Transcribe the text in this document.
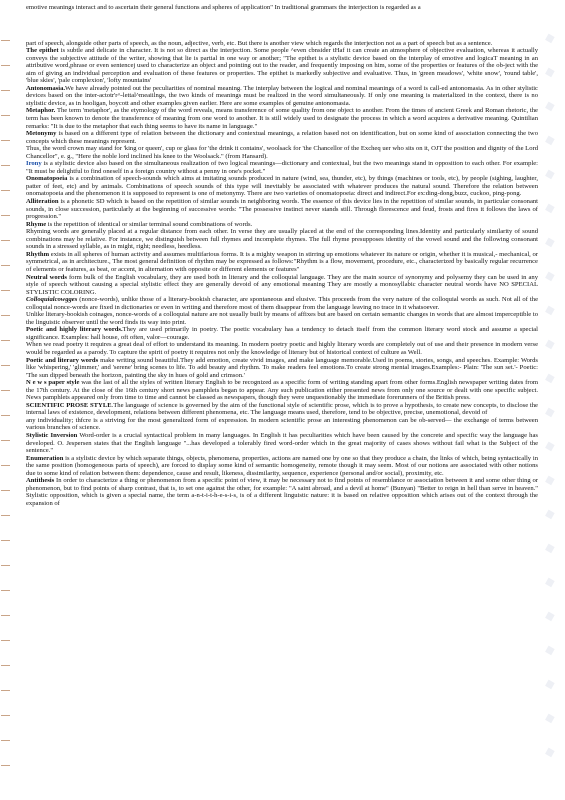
◆
◆
◆
◆
◆
◆
◆
◆
◆
◆
◆
◆
◆
◆
◆
◆
◆
◆
◆
◆
◆
◆

emotive meanings interact and to ascertain their general functions and spheres of application" In traditional grammars the interjection is regarded as a

part of speech, alongside other parts of speech, as the noun, adjective, verb, etc. But there is another view which regards the interjection not as a part of speech but as a sentence.

The epithet is subtle and delicate in character. It is not so direct as the interjection. Some people ^even cbnsider tHaf it can create an atmosphere of objective evaluation, whereas it actually conveys the subjective attitude of the writer, showing that lie is partial in one way or another; "The epithet is a stylistic device based on the interplay of emotive and logicaT meaning in an attributive word,phrase or even sentencej used to characterize an object and pointing out to the reader, and frequently imposing on him, some of the properties or features of the ob-ject with the aim of giving an individual perception and evaluation of these features or properties. The epithet is markedly subjective and evaluative. Thus, in 'green meadows', 'white snow', 'round table', 'blue skies', 'pale complexion', 'lofty mountains'

Antonomasia.We have already pointed out the peculiarities of nominal meaning. The interplay between the logical and nominal meanings of a word is call-ed antonomasia. As in other stylistic devices based on the inter-actotr'r^-lettal^meaiilngs, the two kinds of meanings must be realized in the word simultaneously. If only one meaning is materialized in the context, there is no stylistic device, as in hooligan, boycott and other examples given earlier. Here are some examples of genuine antonomasia.

Metaphor. The term 'metaphor', as the etymology of the word reveals, means transference of some quality from one object to another. From the times of ancient Greek and Roman rhetoric, the term has been known to denote the transference of meaning from one word to another. It is still widely used to designate the process in which a word acquires a derivative meaning. Quintilian remarks: "It is due to the metaphor that each thing seems to have its name in language."

Metonymy is based on a different type of relation between the dictionary and contextual meanings, a relation based not on identification, but on some kind of association connecting the two concepts which these meanings represent.

Thus, the word crown may stand for 'king or queen', cup or glass for 'the drink it contains', woolsack for 'the Chancellor of the Excheq uer who sits on it, OJT the position and dignity of the Lord Chancellor", e. g., "Here the noble lord inclined his knee to the Woolsack." (from Hansard).

Irony is a stylistic device also based on the simultaneous realization of two logical meanings—dictionary and contextual, but the two meanings stand in opposition to each other. For example: "It must be delightful to find oneself in a foreign country without a penny in one's pocket."

Onomatopoeia is a combination of speech-sounds which aims at imitating sounds produced in nature (wind, sea, thunder, etc), by things (machines or tools, etc), by people (sighing, laughter, patter of feet, etc) and by animals. Combinations of speech sounds of this type will inevitably be associated with whatever produces the natural sound. Therefore the relation between onomatopoeia and the phenomenon it is supposed to represent is one of metonymy. There are two varieties of onomatopoeia: direct and indirect.For ex:ding-dong,buzz, cuckoo, ping-pong.

Alliteration is a phonetic SD which is based on the repetition of similar sounds in neighboring words. The essence of this device lies in the repetition of similar sounds, in particular consonant sounds, in close succession, particularly at the beginning of successive words: "The possessive instinct never stands still. Through florescence and feud, frosts and fires it follows the laws of progression."

Rhyme is the repetition of identical or similar terminal sound combinations of words.

Rhyming words are generally placed at a regular distance from each other. In verse they are usually placed at the end of the corresponding lines.Identity and particularly similarity of sound combinations may be relative. For instance, we distinguish between full rhymes and incomplete rhymes. The full rhyme presupposes identity of the vowel sound and the following consonant sounds in a stressed syllable, as in might, right; needless, heedless.

Rhythm exists in all spheres of human activity and assumes multifarious forms. It is a mighty weapon in stirring up emotions whatever its nature or origin, whether it is musical,- mechanical, or symmetrical, as in architecture., The most general definition of rhythm may be expressed as follows:"Rhythm is a flow, movement, procedure, etc., characterized by basically regular recurrence of elements or features, as beat, or accent, in alternation with opposite or different elements or features"

Neutral words form bulk of the English vocabulary, they are used both in literary and the colloquial language. They are the main source of synonymy and polysemy they can be used in any style of speech without causing a special stylistic effect they are generally devoid of any emotional meaning They are mostly a monosyllabic character neutral words have NO SPECIAL STYLISTIC COLORING.

Colloquialcowgges (nonce-words), unlike those of a literary-bookish character, are spontaneous and elusive. This proceeds from the very nature of the colloquial words as such. Not all of the colloquial nonce-words are fixed in dictionaries or even in writing and therefore most of them disappear from the language leaving no trace in it whatsoever.

Unlike literary-bookish coinages, nonce-words of a colloquial nature are not usually built by means of affixes but are based on certain semantic changes in words that are almost imperceptible to the linguistic observer until the word finds its way into print.

Poetic and highly literary words.They are used primarily in poetry. The poetic vocabulary has a tendency to detach itself from the common literary word stock and assume a special significance. Examples: hall house, oft often, valor—courage.

When we read poetry it requires a great deal of effort to understand its meaning. In modern poetry poetic and highly literary words are completely out of use and their presence in modern verse would be regarded as a parody. To capture the spirit of poetry it requires not only the knowledge of literary but of historical context of culture as Well.

Poetic and literary words make writing sound beautiful.They add emotion, create vivid images, and make language memorable.Used in poems, stories, songs, and speeches. Example: Words like 'whispering,' 'glimmer,' and 'serene' bring scenes to life. To add beauty and rhythm. To make readers feel emotions.To create strong mental images.Examples:- Plain: 'The sun set.'- Poetic: 'The sun dipped beneath the horizon, painting the sky in hues of gold and crimson.'

N e w s paper style was the last of all the styles of written literary English to be recognized as a specific form of writing standing apart from other forms.English newspaper writing dates from the 17th century. At the close of the 16th century short news pamphlets began to appear. Any such publication either presented news from only one source or dealt with one specific subject. News pamphlets appeared only from time to time and cannot be classed as newspapers, though they were unquestionably the immediate forerunners of the British press.

SCIENTIFIC PROSE STYLE.The language of science is governed by the aim of the functional style of scientific prose, which is to prove a hypothesis, to create new concepts, to disclose the internal laws of existence, development, relations between different phenomena, etc. The language means used, therefore, tend to be objective, precise, unemotional, devoid of

any individuality; thfcre is a striving for the most generalized form of expression. In modern scientific prose an interesting phenomenon can be ob-served— the exchange of terms between various branches of science.

Stylistic Inversion Word-order is a crucial syntactical problem in many languages. In English it has peculiarities which have been caused by the concrete and specific way the language has developed. O. Jespersen states that the English language "...has developed a tolerably fired word-order which in the great majority of cases shows without fail what is the Subject of the sentence."

Enumeration is a stylistic device by which separate things, objects, phenomena, properties, actions are named one by one so that they produce a chain, the links of which, being syntactically in the same position (homogeneous parts of speech), are forced to display some kind of semantic homogeneity, remote though it may seem. Most of our notions are associated with other notions due to some kind of relation between them: dependence, cause and result, likeness, dissimilarity, sequence, experience (personal and/or social), proximity, etc.

Antithesis In order to characterize a thing or phenomenon from a specific point of view, it may be necessary not to find points of resemblance or association between it and some other thing or phenomenon, but to find points of sharp contrast, that is, to set one against the other, for example: "A saint abroad, and a devil at home" (Bunyan) "Better to reign in hell than serve in heaven." Stylistic opposition, which is given a special name, the term a-n-t-i-t-h-e-s-i-s, is of a different linguistic nature: it is based on relative opposition which arises out of the context through the expansion of
